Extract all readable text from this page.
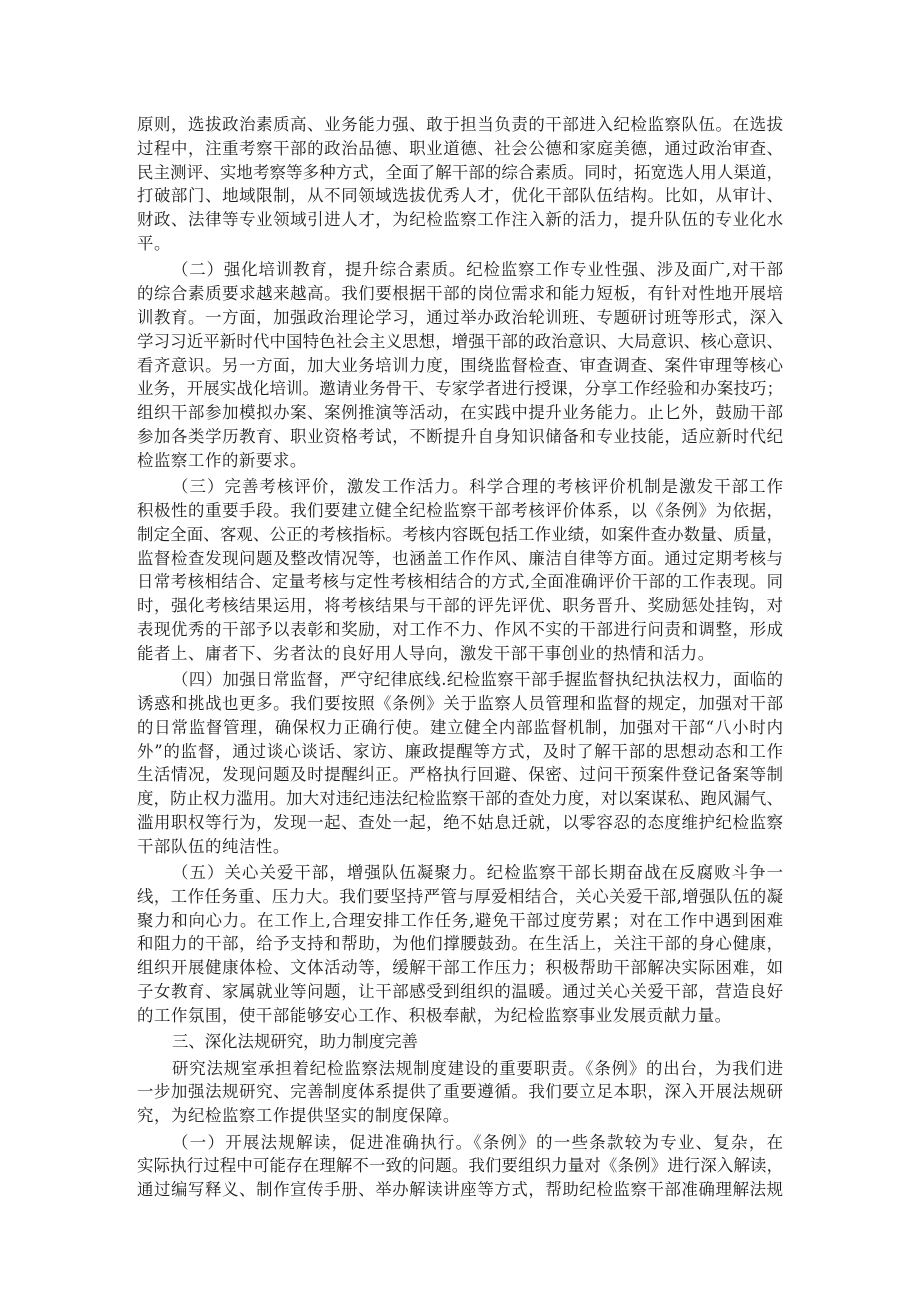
原则，选拔政治素质高、业务能力强、敢于担当负责的干部进入纪检监察队伍。在选拔
过程中，注重考察干部的政治品德、职业道德、社会公德和家庭美德，通过政治审查、
民主测评、实地考察等多种方式，全面了解干部的综合素质。同时，拓宽选人用人渠道，
打破部门、地域限制，从不同领域选拔优秀人才，优化干部队伍结构。比如，从审计、
财政、法律等专业领域引进人才，为纪检监察工作注入新的活力，提升队伍的专业化水
平。
（二）强化培训教育，提升综合素质。纪检监察工作专业性强、涉及面广,对干部
的综合素质要求越来越高。我们要根据干部的岗位需求和能力短板，有针对性地开展培
训教育。一方面，加强政治理论学习，通过举办政治轮训班、专题研讨班等形式，深入
学习习近平新时代中国特色社会主义思想，增强干部的政治意识、大局意识、核心意识、
看齐意识。另一方面，加大业务培训力度，围绕监督检查、审查调查、案件审理等核心
业务，开展实战化培训。邀请业务骨干、专家学者进行授课，分享工作经验和办案技巧；
组织干部参加模拟办案、案例推演等活动，在实践中提升业务能力。止匕外，鼓励干部
参加各类学历教育、职业资格考试，不断提升自身知识储备和专业技能，适应新时代纪
检监察工作的新要求。
（三）完善考核评价，激发工作活力。科学合理的考核评价机制是激发干部工作
积极性的重要手段。我们要建立健全纪检监察干部考核评价体系，以《条例》为依据，
制定全面、客观、公正的考核指标。考核内容既包括工作业绩，如案件查办数量、质量，
监督检查发现问题及整改情况等，也涵盖工作作风、廉洁自律等方面。通过定期考核与
日常考核相结合、定量考核与定性考核相结合的方式,全面准确评价干部的工作表现。同
时，强化考核结果运用，将考核结果与干部的评先评优、职务晋升、奖励惩处挂钩，对
表现优秀的干部予以表彰和奖励，对工作不力、作风不实的干部进行问责和调整，形成
能者上、庸者下、劣者汰的良好用人导向，激发干部干事创业的热情和活力。
（四）加强日常监督，严守纪律底线.纪检监察干部手握监督执纪执法权力，面临的
诱惑和挑战也更多。我们要按照《条例》关于监察人员管理和监督的规定，加强对干部
的日常监督管理，确保权力正确行使。建立健全内部监督机制，加强对干部“八小时内
外”的监督，通过谈心谈话、家访、廉政提醒等方式，及时了解干部的思想动态和工作
生活情况，发现问题及时提醒纠正。严格执行回避、保密、过问干预案件登记备案等制
度，防止权力滥用。加大对违纪违法纪检监察干部的查处力度，对以案谋私、跑风漏气、
滥用职权等行为，发现一起、查处一起，绝不姑息迁就，以零容忍的态度维护纪检监察
干部队伍的纯洁性。
（五）关心关爱干部，增强队伍凝聚力。纪检监察干部长期奋战在反腐败斗争一
线，工作任务重、压力大。我们要坚持严管与厚爱相结合，关心关爱干部,增强队伍的凝
聚力和向心力。在工作上,合理安排工作任务,避免干部过度劳累；对在工作中遇到困难
和阻力的干部，给予支持和帮助，为他们撑腰鼓劲。在生活上，关注干部的身心健康，
组织开展健康体检、文体活动等，缓解干部工作压力；积极帮助干部解决实际困难，如
子女教育、家属就业等问题，让干部感受到组织的温暖。通过关心关爱干部，营造良好
的工作氛围，使干部能够安心工作、积极奉献，为纪检监察事业发展贡献力量。
三、深化法规研究，助力制度完善
研究法规室承担着纪检监察法规制度建设的重要职责。《条例》的出台，为我们进
一步加强法规研究、完善制度体系提供了重要遵循。我们要立足本职，深入开展法规研
究，为纪检监察工作提供坚实的制度保障。
（一）开展法规解读，促进准确执行。《条例》的一些条款较为专业、复杂，在
实际执行过程中可能存在理解不一致的问题。我们要组织力量对《条例》进行深入解读，
通过编写释义、制作宣传手册、举办解读讲座等方式，帮助纪检监察干部准确理解法规
